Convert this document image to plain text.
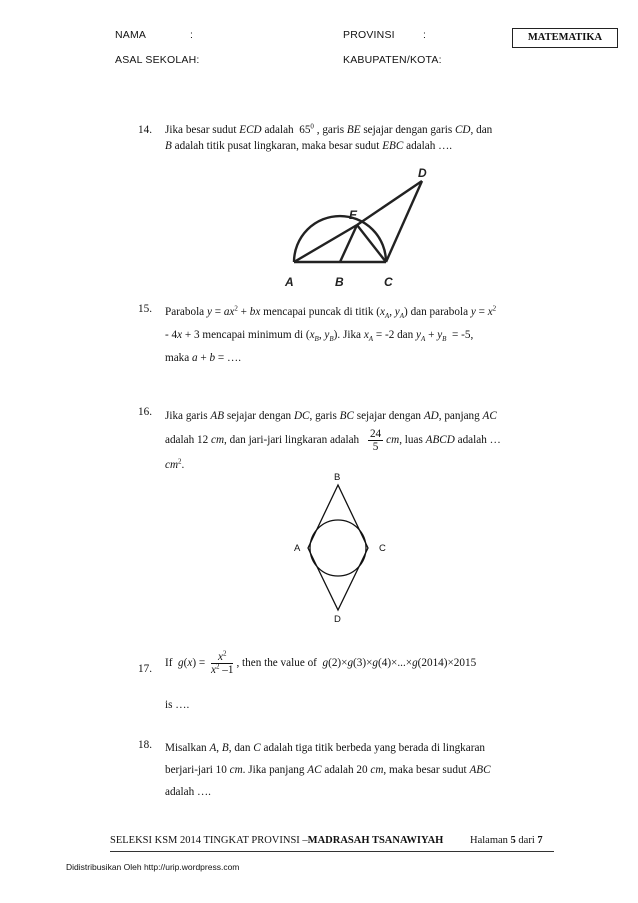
NAMA	:
ASAL SEKOLAH:
PROVINSI	:
KABUPATEN/KOTA:
MATEMATIKA
14.	Jika besar sudut ECD adalah  $65^0$ , garis BE sejajar dengan garis CD, dan
B adalah titik pusat lingkaran, maka besar sudut EBC adalah ….
A	B	C
D
E
15.	Parabola $y = ax^2$ + bx mencapai puncak di titik ($x_A$, $y_A$) dan parabola $y = x^2$
- 4x + 3 mencapai minimum di ($x_B$, $y_B$). Jika $x_A = -2$ dan $y_A + y_B = -5$,
maka a + b = ….
16.	Jika garis AB sejajar dengan DC, garis BC sejajar dengan AD, panjang AC
adalah 12 cm, dan jari-jari lingkaran adalah $\frac{24}{5}$ cm, luas ABCD adalah …
$cm^2$.
B
A	C
D
17.	If  $g(x) = \frac{x^2}{x^2 -1}$ , then the value of  g(2)×g(3)×g(4)×...×g(2014)×2015
is ….
18.	Misalkan A, B, dan C adalah tiga titik berbeda yang berada di lingkaran
berjari-jari 10 cm. Jika panjang AC adalah 20 cm, maka besar sudut ABC
adalah ….
SELEKSI KSM 2014 TINGKAT PROVINSI –MADRASAH TSANAWIYAH	Halaman 5 dari 7
Didistribusikan Oleh http://urip.wordpress.com
